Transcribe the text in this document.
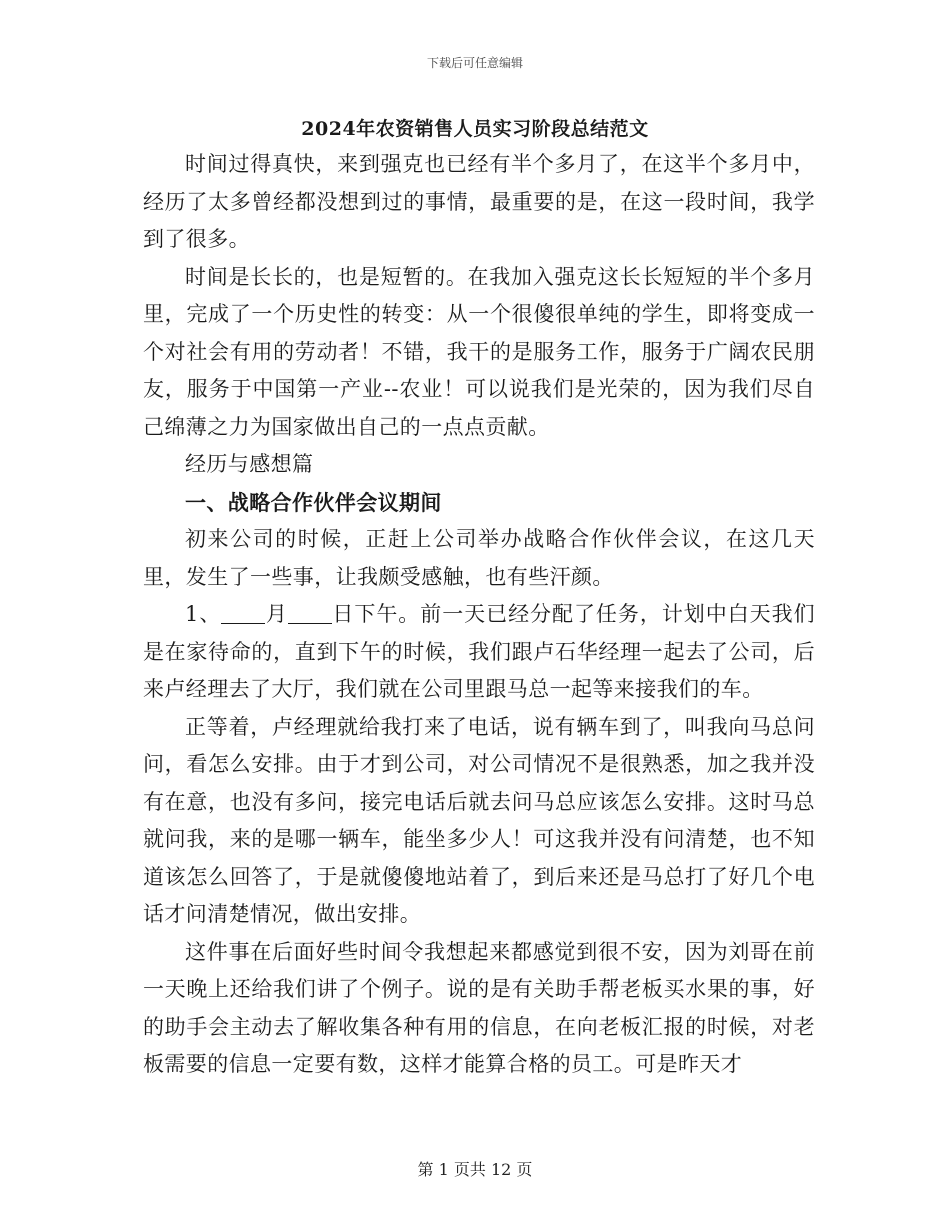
下载后可任意编辑
2024年农资销售人员实习阶段总结范文

时间过得真快，来到强克也已经有半个多月了，在这半个多月中，经历了太多曾经都没想到过的事情，最重要的是，在这一段时间，我学到了很多。

时间是长长的，也是短暂的。在我加入强克这长长短短的半个多月里，完成了一个历史性的转变：从一个很傻很单纯的学生，即将变成一个对社会有用的劳动者！不错，我干的是服务工作，服务于广阔农民朋友，服务于中国第一产业--农业！可以说我们是光荣的，因为我们尽自己绵薄之力为国家做出自己的一点点贡献。

经历与感想篇

一、战略合作伙伴会议期间

初来公司的时候，正赶上公司举办战略合作伙伴会议，在这几天里，发生了一些事，让我颇受感触，也有些汗颜。

1、 月 日下午。前一天已经分配了任务，计划中白天我们是在家待命的，直到下午的时候，我们跟卢石华经理一起去了公司，后来卢经理去了大厅，我们就在公司里跟马总一起等来接我们的车。

正等着，卢经理就给我打来了电话，说有辆车到了，叫我向马总问问，看怎么安排。由于才到公司，对公司情况不是很熟悉，加之我并没有在意，也没有多问，接完电话后就去问马总应该怎么安排。这时马总就问我，来的是哪一辆车，能坐多少人！可这我并没有问清楚，也不知道该怎么回答了，于是就傻傻地站着了，到后来还是马总打了好几个电话才问清楚情况，做出安排。

这件事在后面好些时间令我想起来都感觉到很不安，因为刘哥在前一天晚上还给我们讲了个例子。说的是有关助手帮老板买水果的事，好的助手会主动去了解收集各种有用的信息，在向老板汇报的时候，对老板需要的信息一定要有数，这样才能算合格的员工。可是昨天才

第 1 页共 12 页
